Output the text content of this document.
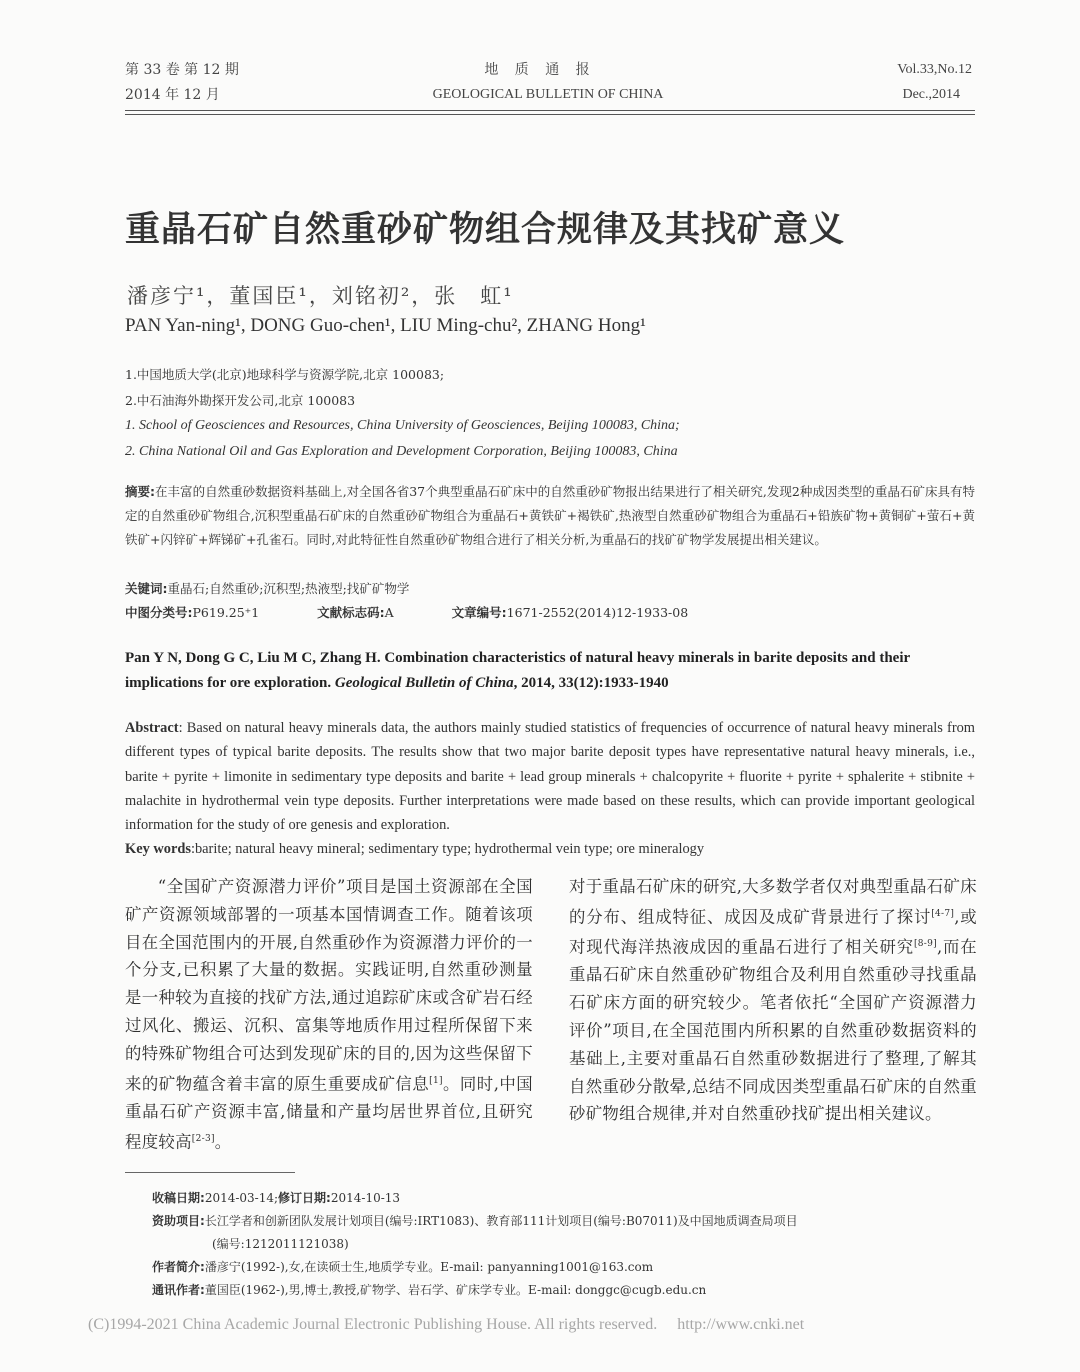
第 33 卷 第 12 期
2014 年 12 月
地 质 通 报
GEOLOGICAL BULLETIN OF CHINA
Vol.33,No.12
Dec.,2014
重晶石矿自然重砂矿物组合规律及其找矿意义
潘彦宁¹，董国臣¹，刘铭初²，张　虹¹
PAN Yan-ning¹, DONG Guo-chen¹, LIU Ming-chu², ZHANG Hong¹
1.中国地质大学(北京)地球科学与资源学院,北京 100083;
2.中石油海外勘探开发公司,北京 100083
1. School of Geosciences and Resources, China University of Geosciences, Beijing 100083, China;
2. China National Oil and Gas Exploration and Development Corporation, Beijing 100083, China
摘要:在丰富的自然重砂数据资料基础上,对全国各省37个典型重晶石矿床中的自然重砂矿物报出结果进行了相关研究,发现2种成因类型的重晶石矿床具有特定的自然重砂矿物组合,沉积型重晶石矿床的自然重砂矿物组合为重晶石+黄铁矿+褐铁矿,热液型自然重砂矿物组合为重晶石+铅族矿物+黄铜矿+萤石+黄铁矿+闪锌矿+辉锑矿+孔雀石。同时,对此特征性自然重砂矿物组合进行了相关分析,为重晶石的找矿矿物学发展提出相关建议。
关键词:重晶石;自然重砂;沉积型;热液型;找矿矿物学
中图分类号:P619.25⁺1	文献标志码:A	文章编号:1671-2552(2014)12-1933-08
Pan Y N, Dong G C, Liu M C, Zhang H. Combination characteristics of natural heavy minerals in barite deposits and their implications for ore exploration. Geological Bulletin of China, 2014, 33(12):1933-1940
Abstract: Based on natural heavy minerals data, the authors mainly studied statistics of frequencies of occurrence of natural heavy minerals from different types of typical barite deposits. The results show that two major barite deposit types have representative natural heavy minerals, i.e., barite + pyrite + limonite in sedimentary type deposits and barite + lead group minerals + chalcopyrite + fluorite + pyrite + sphalerite + stibnite + malachite in hydrothermal vein type deposits. Further interpretations were made based on these results, which can provide important geological information for the study of ore genesis and exploration.
Key words:barite; natural heavy mineral; sedimentary type; hydrothermal vein type; ore mineralogy
“全国矿产资源潜力评价”项目是国土资源部在全国矿产资源领域部署的一项基本国情调查工作。随着该项目在全国范围内的开展,自然重砂作为资源潜力评价的一个分支,已积累了大量的数据。实践证明,自然重砂测量是一种较为直接的找矿方法,通过追踪矿床或含矿岩石经过风化、搬运、沉积、富集等地质作用过程所保留下来的特殊矿物组合可达到发现矿床的目的,因为这些保留下来的矿物蕴含着丰富的原生重要成矿信息[1]。同时,中国重晶石矿产资源丰富,储量和产量均居世界首位,且研究程度较高[2-3]。
对于重晶石矿床的研究,大多数学者仅对典型重晶石矿床的分布、组成特征、成因及成矿背景进行了探讨[4-7],或对现代海洋热液成因的重晶石进行了相关研究[8-9],而在重晶石矿床自然重砂矿物组合及利用自然重砂寻找重晶石矿床方面的研究较少。笔者依托“全国矿产资源潜力评价”项目,在全国范围内所积累的自然重砂数据资料的基础上,主要对重晶石自然重砂数据进行了整理,了解其自然重砂分散晕,总结不同成因类型重晶石矿床的自然重砂矿物组合规律,并对自然重砂找矿提出相关建议。
收稿日期:2014-03-14;修订日期:2014-10-13
资助项目:长江学者和创新团队发展计划项目(编号:IRT1083)、教育部111计划项目(编号:B07011)及中国地质调查局项目
(编号:1212011121038)
作者简介:潘彦宁(1992-),女,在读硕士生,地质学专业。E-mail: panyanning1001@163.com
通讯作者:董国臣(1962-),男,博士,教授,矿物学、岩石学、矿床学专业。E-mail: donggc@cugb.edu.cn
(C)1994-2021 China Academic Journal Electronic Publishing House. All rights reserved. http://www.cnki.net
